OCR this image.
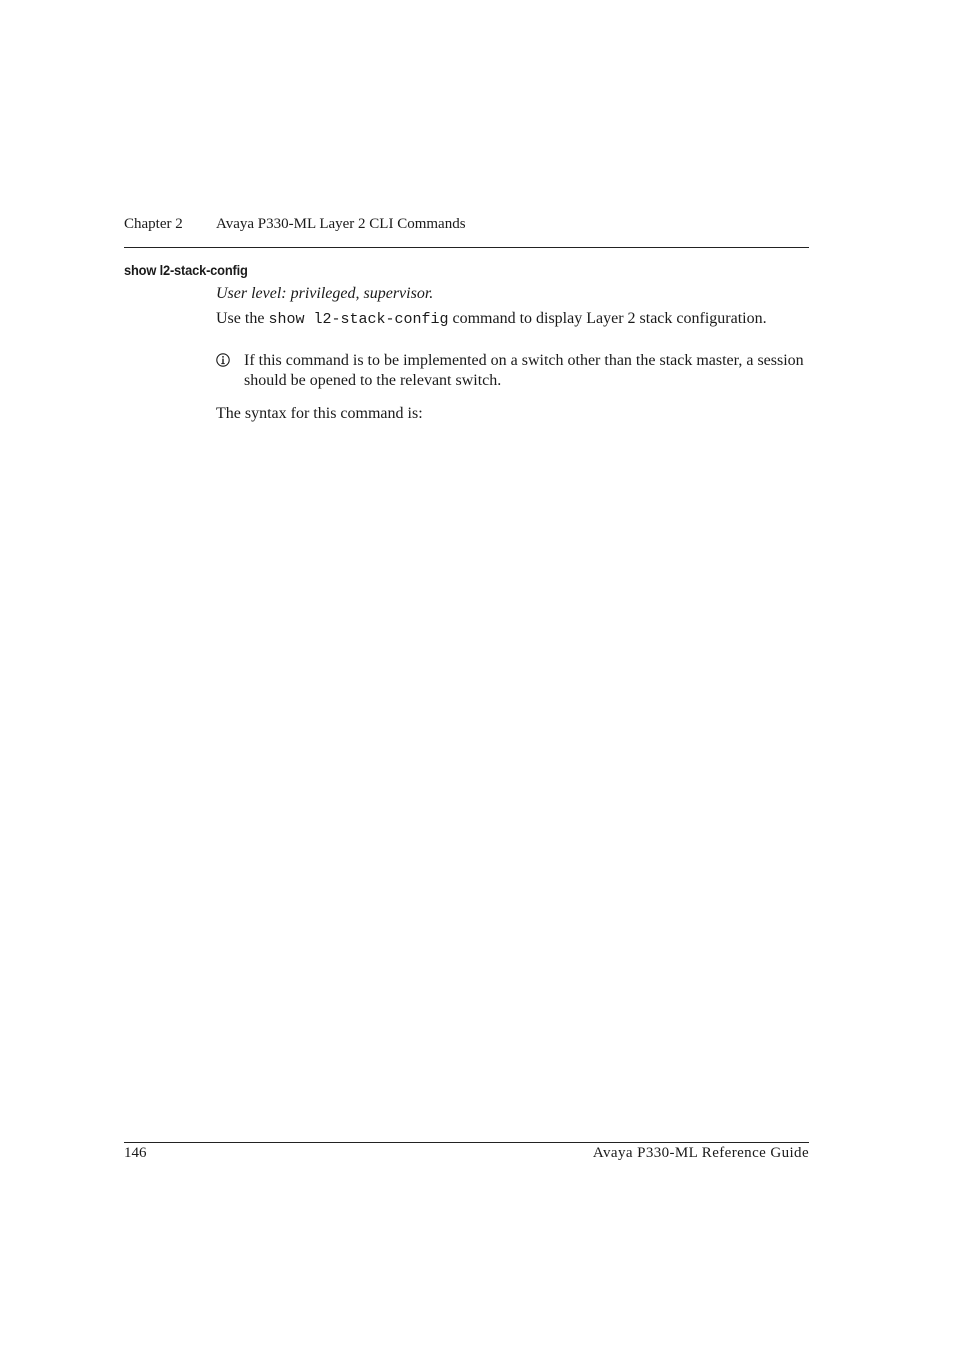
Chapter 2 Avaya P330-ML Layer 2 CLI Commands
show l2-stack-config
User level: privileged, supervisor.
Use the show l2-stack-config command to display Layer 2 stack configuration.
If this command is to be implemented on a switch other than the stack master, a session should be opened to the relevant switch.
The syntax for this command is:
146	Avaya P330-ML Reference Guide
